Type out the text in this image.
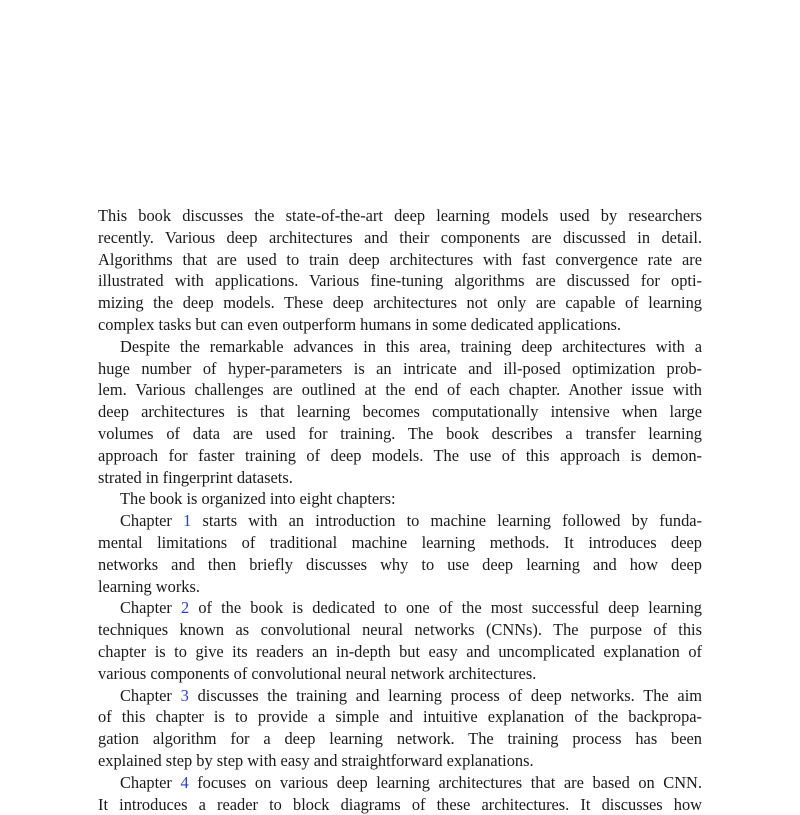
This book discusses the state-of-the-art deep learning models used by researchers
recently. Various deep architectures and their components are discussed in detail.
Algorithms that are used to train deep architectures with fast convergence rate are
illustrated with applications. Various fine-tuning algorithms are discussed for opti-
mizing the deep models. These deep architectures not only are capable of learning
complex tasks but can even outperform humans in some dedicated applications.
Despite the remarkable advances in this area, training deep architectures with a
huge number of hyper-parameters is an intricate and ill-posed optimization prob-
lem. Various challenges are outlined at the end of each chapter. Another issue with
deep architectures is that learning becomes computationally intensive when large
volumes of data are used for training. The book describes a transfer learning
approach for faster training of deep models. The use of this approach is demon-
strated in fingerprint datasets.
The book is organized into eight chapters:
Chapter 1 starts with an introduction to machine learning followed by funda-
mental limitations of traditional machine learning methods. It introduces deep
networks and then briefly discusses why to use deep learning and how deep
learning works.
Chapter 2 of the book is dedicated to one of the most successful deep learning
techniques known as convolutional neural networks (CNNs). The purpose of this
chapter is to give its readers an in-depth but easy and uncomplicated explanation of
various components of convolutional neural network architectures.
Chapter 3 discusses the training and learning process of deep networks. The aim
of this chapter is to provide a simple and intuitive explanation of the backpropa-
gation algorithm for a deep learning network. The training process has been
explained step by step with easy and straightforward explanations.
Chapter 4 focuses on various deep learning architectures that are based on CNN.
It introduces a reader to block diagrams of these architectures. It discusses how
